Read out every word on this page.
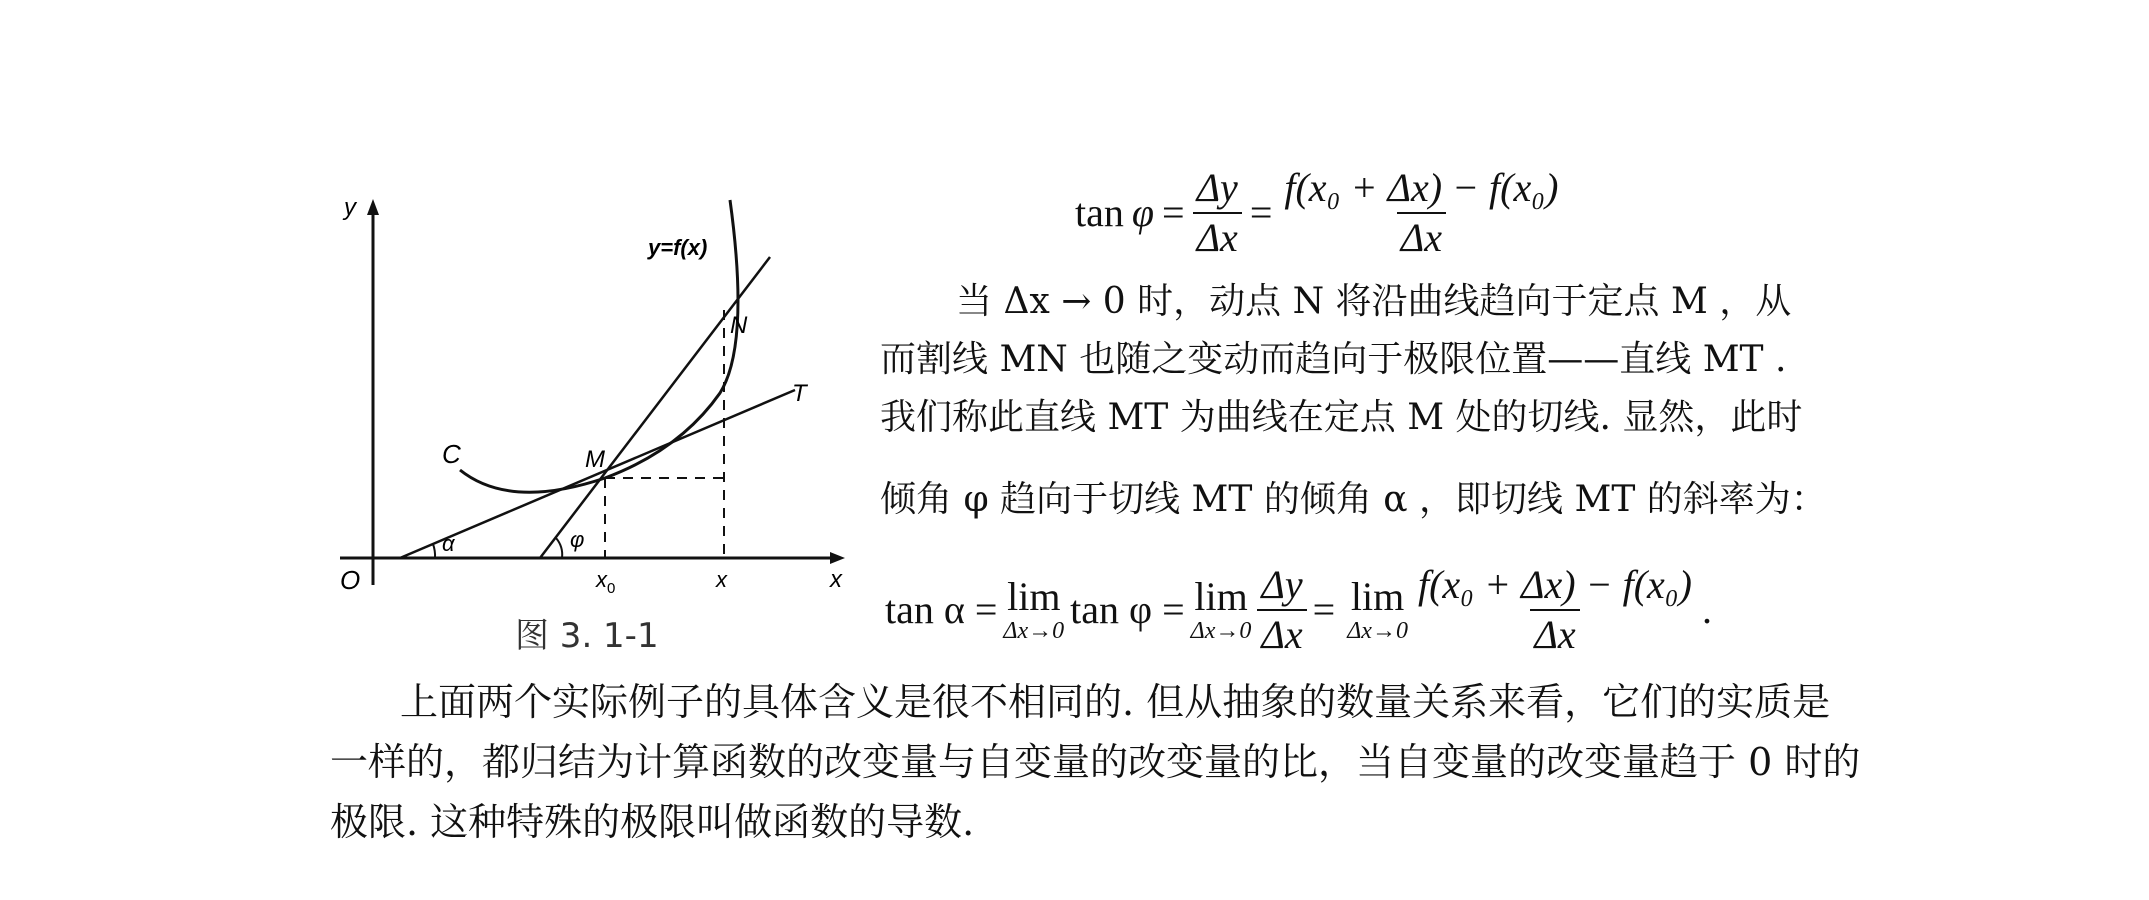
y
O	x
y=f(x)
C	M
N
T
α	φ
$x_0$	x
图 3. 1-1
$\tan \varphi = \frac{\Delta y}{\Delta x} = \frac{\text{f(x₀ + Δx) − f(x₀)}}{\Delta x}$
当 Δx → 0 时，动点 N 将沿曲线趋向于定点 M ，从
而割线 MN 也随之变动而趋向于极限位置——直线 MT .
我们称此直线 MT 为曲线在定点 M 处的切线. 显然，此时
倾角 φ 趋向于切线 MT 的倾角 α ，即切线 MT 的斜率为：
tan α = lim
Δx→0 tan φ = lim
$\Delta x\to 0 \frac{\Delta y}{\Delta x} = \lim$
$\Delta x\to 0 \frac{\text{f(x₀ + Δx) − f(x₀)}}{\Delta x}$ .
上面两个实际例子的具体含义是很不相同的. 但从抽象的数量关系来看，它们的实质是
一样的，都归结为计算函数的改变量与自变量的改变量的比，当自变量的改变量趋于 0 时的
极限. 这种特殊的极限叫做函数的导数.
